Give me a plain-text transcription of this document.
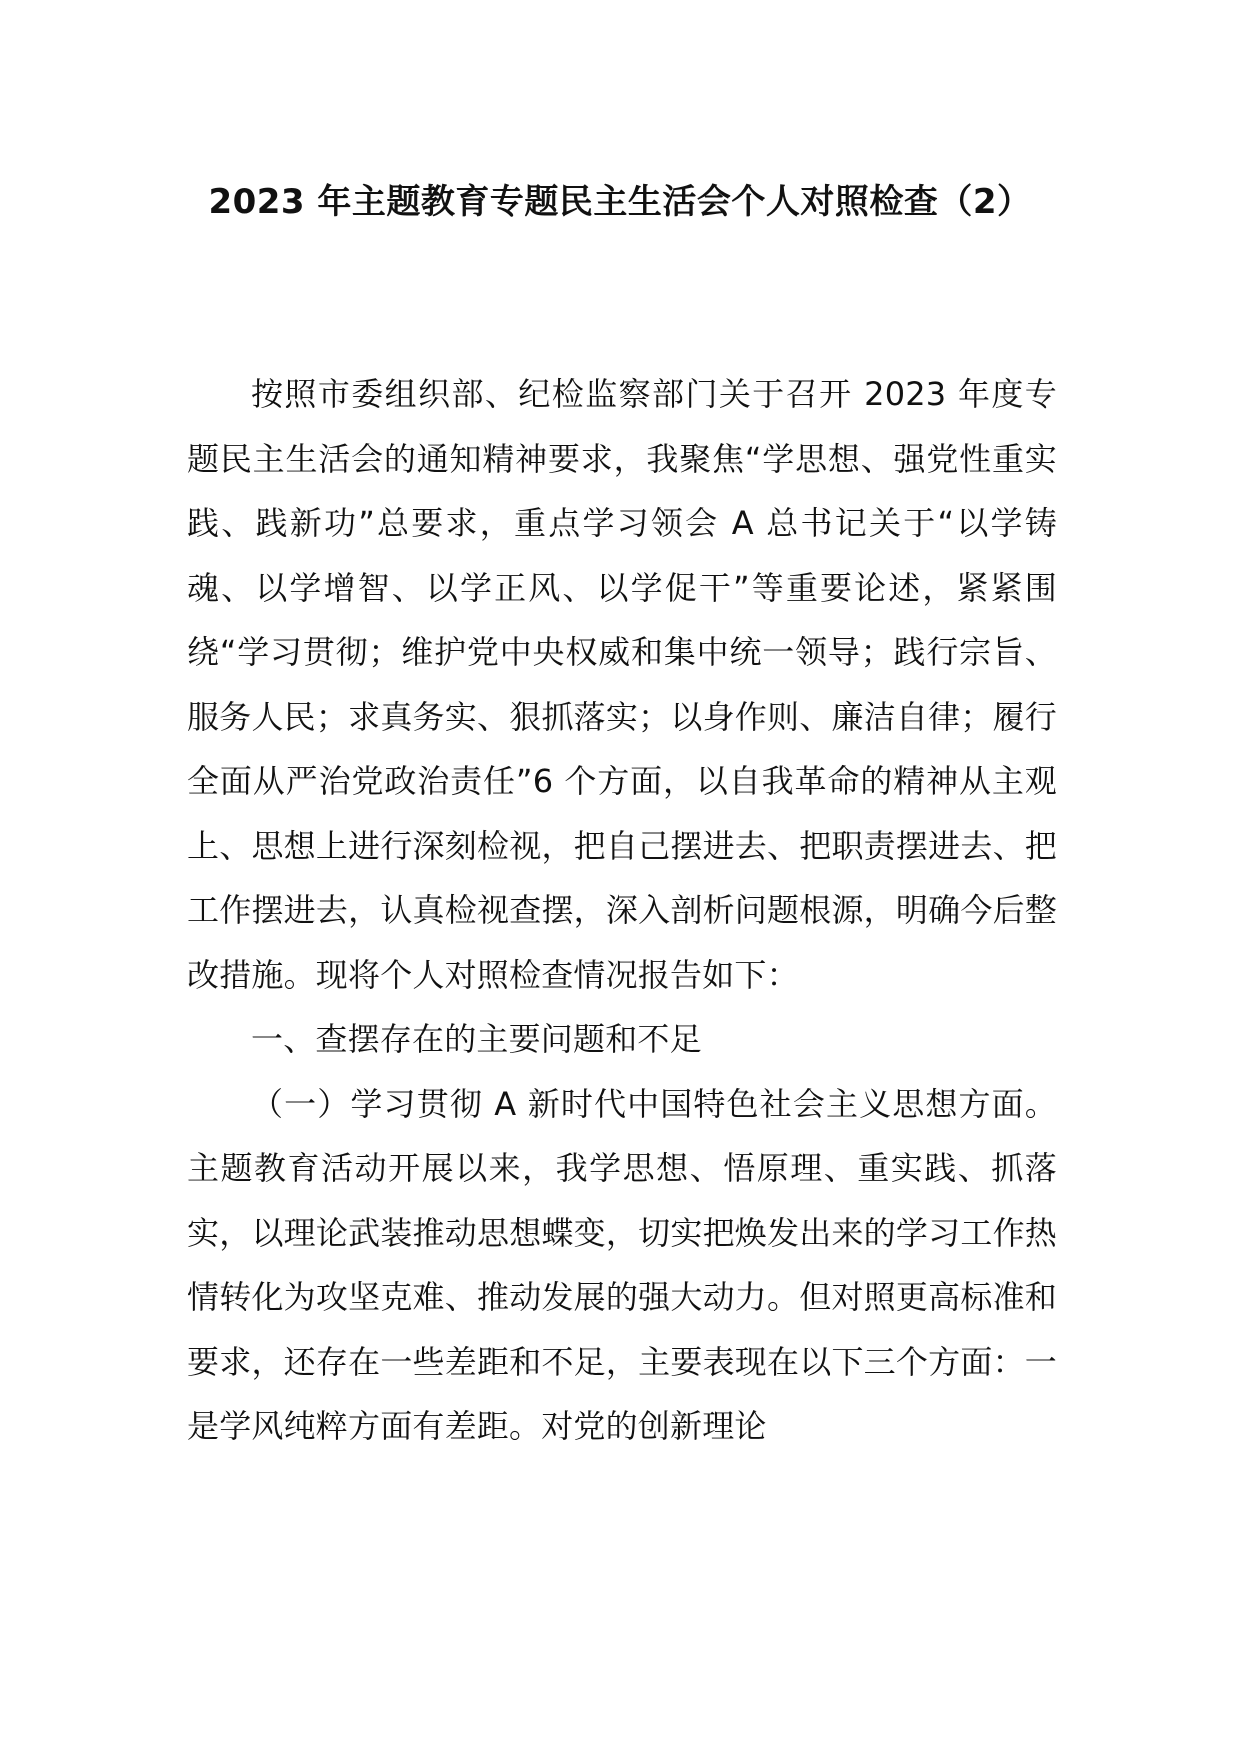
2023 年主题教育专题民主生活会个人对照检查（2）

按照市委组织部、纪检监察部门关于召开 2023 年度专题民主生活会的通知精神要求，我聚焦“学思想、强党性重实践、践新功”总要求，重点学习领会 A 总书记关于“以学铸魂、以学增智、以学正风、以学促干”等重要论述，紧紧围绕“学习贯彻；维护党中央权威和集中统一领导；践行宗旨、服务人民；求真务实、狠抓落实；以身作则、廉洁自律；履行全面从严治党政治责任”6 个方面，以自我革命的精神从主观上、思想上进行深刻检视，把自己摆进去、把职责摆进去、把工作摆进去，认真检视查摆，深入剖析问题根源，明确今后整改措施。现将个人对照检查情况报告如下：

一、查摆存在的主要问题和不足

（一）学习贯彻 A 新时代中国特色社会主义思想方面。主题教育活动开展以来，我学思想、悟原理、重实践、抓落实，以理论武装推动思想蝶变，切实把焕发出来的学习工作热情转化为攻坚克难、推动发展的强大动力。但对照更高标准和要求，还存在一些差距和不足，主要表现在以下三个方面：一是学风纯粹方面有差距。对党的创新理论
